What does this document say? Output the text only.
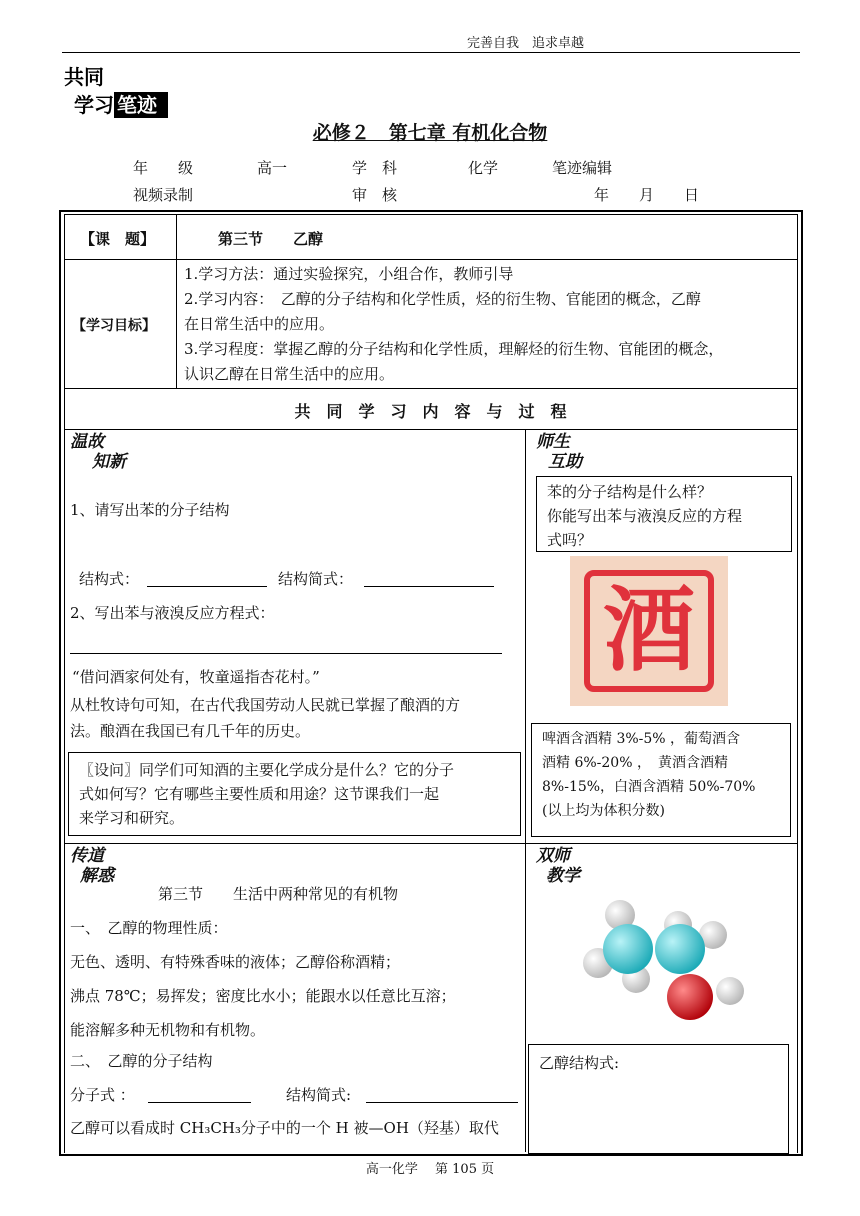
完善自我　追求卓越
共同
学习 笔迹
必修２　第七章 有机化合物
年　　级	高一	学　科	化学	笔迹编辑
视频录制	审　核	年　　月　　日
【课　题】	第三节　　乙醇
【学习目标】
1.学习方法：通过实验探究，小组合作，教师引导
2.学习内容：　乙醇的分子结构和化学性质，烃的衍生物、官能团的概念，乙醇
在日常生活中的应用。
3.学习程度：掌握乙醇的分子结构和化学性质，理解烃的衍生物、官能团的概念，
认识乙醇在日常生活中的应用。
共　同　学　习　内　容　与　过　程
温故
知新
1、请写出苯的分子结构
结构式：	结构简式：
2、写出苯与液溴反应方程式：
“借问酒家何处有，牧童遥指杏花村。”
从杜牧诗句可知，在古代我国劳动人民就已掌握了酿酒的方
法。酿酒在我国已有几千年的历史。
〖设问〗同学们可知酒的主要化学成分是什么？它的分子
式如何写？它有哪些主要性质和用途？这节课我们一起
来学习和研究。
师生
互助
苯的分子结构是什么样？
你能写出苯与液溴反应的方程
式吗？
酒
啤酒含酒精 3%-5% ，葡萄酒含
酒精 6%-20% ，　黄酒含酒精
8%-15%，白酒含酒精 50%-70%
(以上均为体积分数)
传道
解惑
第三节　　生活中两种常见的有机物
一、　乙醇的物理性质：
无色、透明、有特殊香味的液体；乙醇俗称酒精；
沸点 78℃；易挥发；密度比水小；能跟水以任意比互溶；
能溶解多种无机物和有机物。
二、　乙醇的分子结构
分子式 ：	结构简式:
乙醇可以看成时 CH₃CH₃分子中的一个 H 被—OH（羟基）取代
双师
教学
乙醇结构式:
高一化学　 第 105 页
